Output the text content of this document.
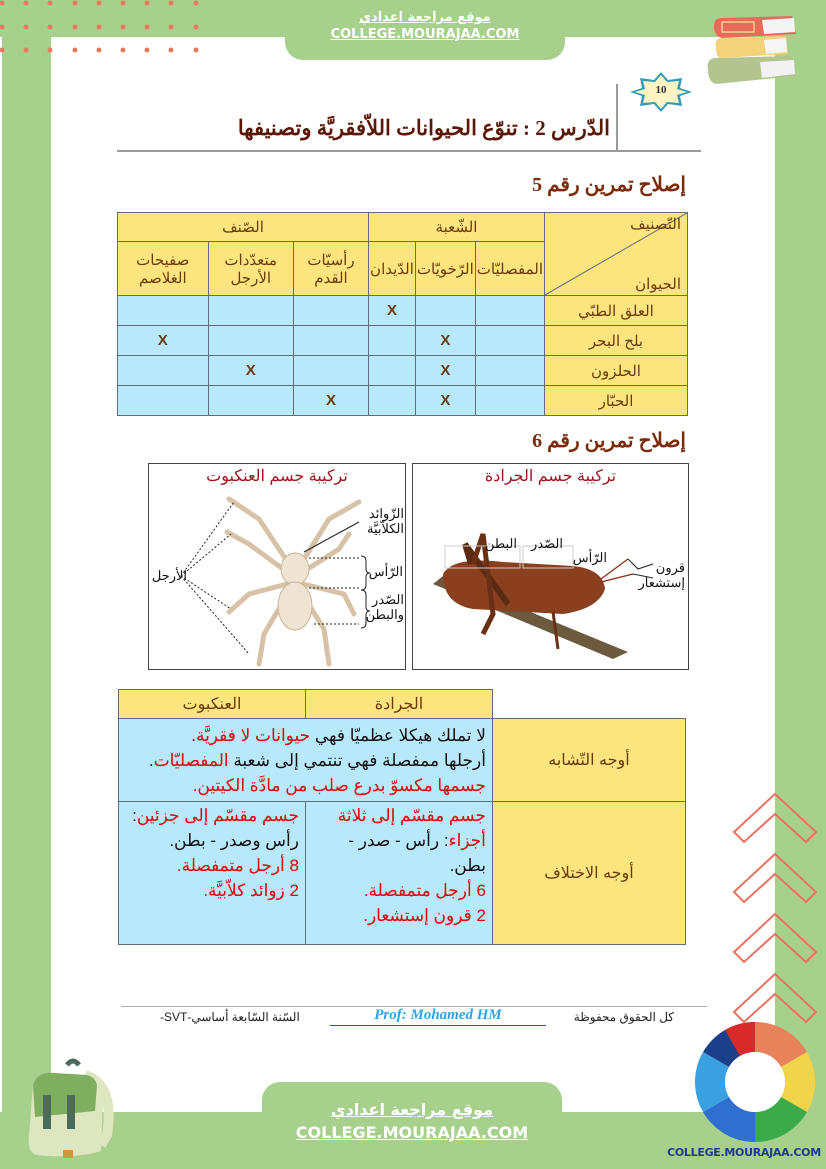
موقع مراجعة اعدادي
COLLEGE.MOURAJAA.COM
10
الدّرس 2 : تنوّع الحيوانات اللاّفقريَّة وتصنيفها
إصلاح تمرين رقم 5
التّصنيف
الحيوان	الشّعبة			الصّنف		
	المفصليّات	الرّخويّات	الدّيدان	رأسيّات القدم	متعدّدات الأرجل	صفيحات الغلاصم
العلق الطبّي			X			
بلح البحر		X				X
الحلزون		X			X	
الحبّار		X		X		
إصلاح تمرين رقم 6
تركيبة جسم العنكبوت
الزّوائد الكلاّبيَّة
الرّأس
الصّدر والبطن
الأرجل
تركيبة جسم الجرادة
البطن	الصّدر
الرّأس
قرون إستشعار
	الجرادة	العنكبوت
أوجه التّشابه	لا تملك هيكلا عظميّا فهي حيوانات لا فقريَّة.
أرجلها ممفصلة فهي تنتمي إلى شعبة المفصليّات.
جسمها مكسوّ بدرع صلب من مادَّة الكيتين.	

أوجه الاختلاف	
جسم مقسّم إلى ثلاثة أجزاء: رأس - صدر - بطن.
6 أرجل متمفصلة.
2 قرون إستشعار.

جسم مقسّم إلى جزئين: رأس وصدر - بطن.
8 أرجل متمفصلة.
2 زوائد كلاّبيَّة.
كل الحقوق محفوظة
Prof: Mohamed HM
السّنة السّابعة أساسي-SVT-
COLLEGE.MOURAJAA.COM
موقع مراجعة اعدادي
COLLEGE.MOURAJAA.COM
